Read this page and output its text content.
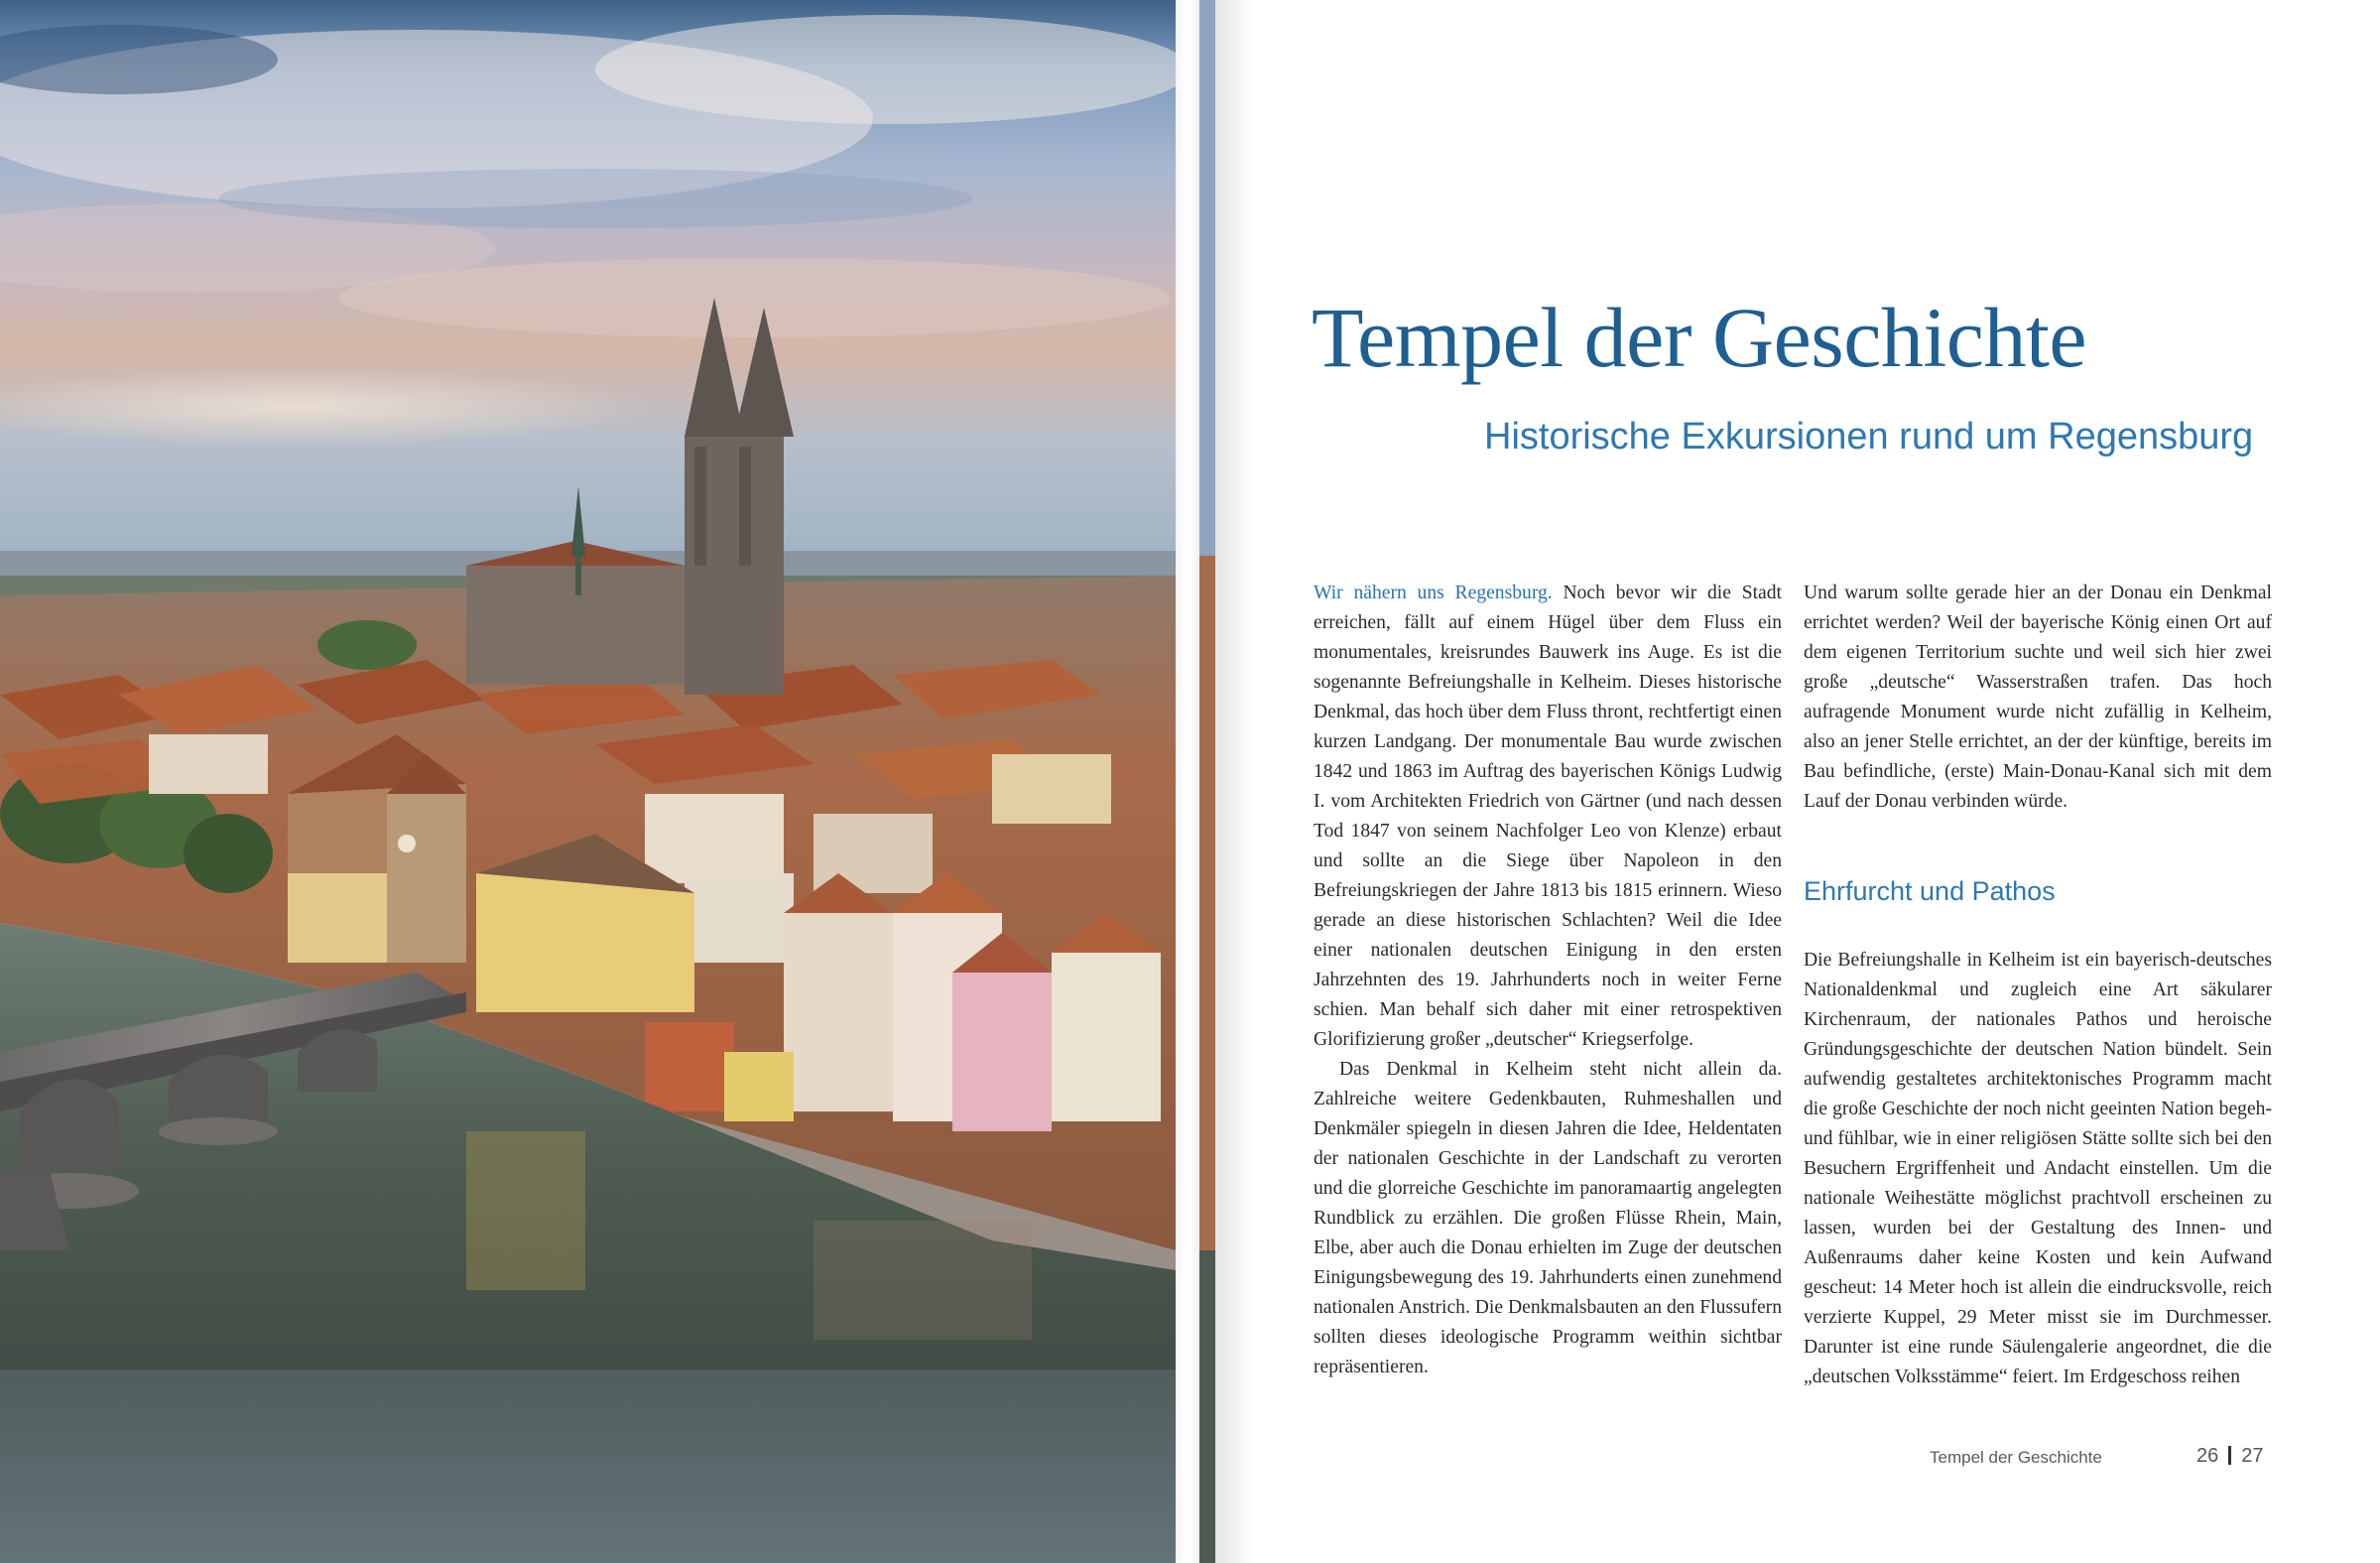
Tempel der Geschichte
Historische Exkursionen rund um Regensburg

Wir nähern uns Regensburg. Noch bevor wir die Stadt erreichen, fällt auf einem Hügel über dem Fluss ein monumentales, kreisrundes Bauwerk ins Auge. Es ist die sogenannte Befreiungshalle in Kelheim. Dieses historische Denkmal, das hoch über dem Fluss thront, rechtfertigt einen kurzen Landgang. Der monumentale Bau wurde zwischen 1842 und 1863 im Auftrag des bayerischen Königs Ludwig I. vom Architekten Friedrich von Gärtner (und nach dessen Tod 1847 von seinem Nachfolger Leo von Klenze) erbaut und sollte an die Siege über Napoleon in den Befreiungskriegen der Jahre 1813 bis 1815 erinnern. Wieso gerade an diese historischen Schlachten? Weil die Idee einer nationalen deutschen Einigung in den ersten Jahrzehnten des 19. Jahrhunderts noch in weiter Ferne schien. Man behalf sich daher mit einer retrospektiven Glorifizierung großer „deutscher“ Kriegserfolge.

Das Denkmal in Kelheim steht nicht allein da. Zahlreiche weitere Gedenkbauten, Ruhmeshallen und Denkmäler spiegeln in diesen Jahren die Idee, Heldentaten der nationalen Geschichte in der Landschaft zu verorten und die glorreiche Geschichte im panoramaartig angelegten Rundblick zu erzählen. Die großen Flüsse Rhein, Main, Elbe, aber auch die Donau erhielten im Zuge der deutschen Einigungsbewegung des 19. Jahrhunderts einen zunehmend nationalen Anstrich. Die Denkmalsbauten an den Flussufern sollten dieses ideologische Programm weithin sichtbar repräsentieren.

Und warum sollte gerade hier an der Donau ein Denkmal errichtet werden? Weil der bayerische König einen Ort auf dem eigenen Territorium suchte und weil sich hier zwei große „deutsche“ Wasserstraßen trafen. Das hoch aufragende Monument wurde nicht zufällig in Kelheim, also an jener Stelle errichtet, an der der künftige, bereits im Bau befindliche, (erste) Main-Donau-Kanal sich mit dem Lauf der Donau verbinden würde.

Ehrfurcht und Pathos

Die Befreiungshalle in Kelheim ist ein bayerisch-deutsches Nationaldenkmal und zugleich eine Art säkularer Kirchenraum, der nationales Pathos und heroische Gründungsgeschichte der deutschen Nation bündelt. Sein aufwendig gestaltetes architektonisches Programm macht die große Geschichte der noch nicht geeinten Nation begeh- und fühlbar, wie in einer religiösen Stätte sollte sich bei den Besuchern Ergriffenheit und Andacht einstellen. Um die nationale Weihestätte möglichst prachtvoll erscheinen zu lassen, wurden bei der Gestaltung des Innen- und Außenraums daher keine Kosten und kein Aufwand gescheut: 14 Meter hoch ist allein die eindrucksvolle, reich verzierte Kuppel, 29 Meter misst sie im Durchmesser. Darunter ist eine runde Säulengalerie angeordnet, die die „deutschen Volksstämme“ feiert. Im Erdgeschoss reihen

Tempel der Geschichte	26 27
